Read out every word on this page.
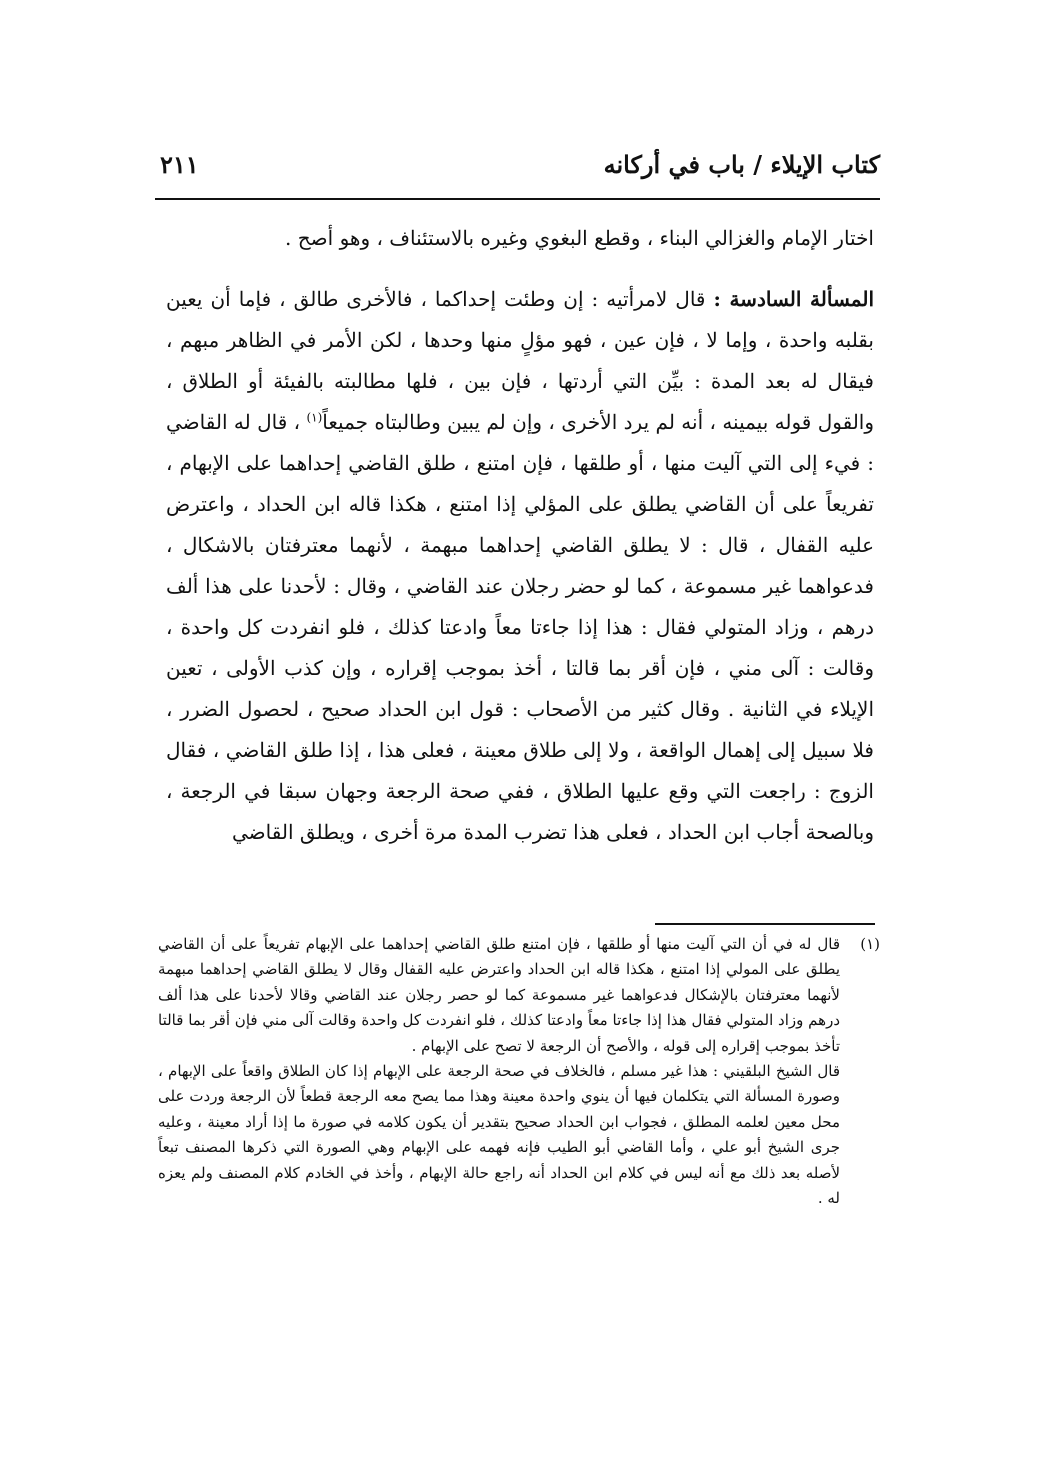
كتاب الإيلاء / باب في أركانه
٢١١

اختار الإمام والغزالي البناء ، وقطع البغوي وغيره بالاستئناف ، وهو أصح .

المسألة السادسة : قال لامرأتيه : إن وطئت إحداكما ، فالأخرى طالق ، فإما أن يعين بقلبه واحدة ، وإما لا ، فإن عين ، فهو مؤلٍ منها وحدها ، لكن الأمر في الظاهر مبهم ، فيقال له بعد المدة : بيِّن التي أردتها ، فإن بين ، فلها مطالبته بالفيئة أو الطلاق ، والقول قوله بيمينه ، أنه لم يرد الأخرى ، وإن لم يبين وطالبتاه جميعاً$^{(١)}$ ، قال له القاضي : فيء إلى التي آليت منها ، أو طلقها ، فإن امتنع ، طلق القاضي إحداهما على الإبهام ، تفريعاً على أن القاضي يطلق على المؤلي إذا امتنع ، هكذا قاله ابن الحداد ، واعترض عليه القفال ، قال : لا يطلق القاضي إحداهما مبهمة ، لأنهما معترفتان بالاشكال ، فدعواهما غير مسموعة ، كما لو حضر رجلان عند القاضي ، وقال : لأحدنا على هذا ألف درهم ، وزاد المتولي فقال : هذا إذا جاءتا معاً وادعتا كذلك ، فلو انفردت كل واحدة ، وقالت : آلى مني ، فإن أقر بما قالتا ، أخذ بموجب إقراره ، وإن كذب الأولى ، تعين الإيلاء في الثانية . وقال كثير من الأصحاب : قول ابن الحداد صحيح ، لحصول الضرر ، فلا سبيل إلى إهمال الواقعة ، ولا إلى طلاق معينة ، فعلى هذا ، إذا طلق القاضي ، فقال الزوج : راجعت التي وقع عليها الطلاق ، ففي صحة الرجعة وجهان سبقا في الرجعة ، وبالصحة أجاب ابن الحداد ، فعلى هذا تضرب المدة مرة أخرى ، ويطلق القاضي

(١)

قال له في أن التي آليت منها أو طلقها ، فإن امتنع طلق القاضي إحداهما على الإبهام تفريعاً على أن القاضي يطلق على المولي إذا امتنع ، هكذا قاله ابن الحداد واعترض عليه القفال وقال لا يطلق القاضي إحداهما مبهمة لأنهما معترفتان بالإشكال فدعواهما غير مسموعة كما لو حصر رجلان عند القاضي وقالا لأحدنا على هذا ألف درهم وزاد المتولي فقال هذا إذا جاءتا معاً وادعتا كذلك ، فلو انفردت كل واحدة وقالت آلى مني فإن أقر بما قالتا تأخذ بموجب إقراره إلى قوله ، والأصح أن الرجعة لا تصح على الإبهام .

قال الشيخ البلقيني : هذا غير مسلم ، فالخلاف في صحة الرجعة على الإبهام إذا كان الطلاق واقعاً على الإبهام ، وصورة المسألة التي يتكلمان فيها أن ينوي واحدة معينة وهذا مما يصح معه الرجعة قطعاً لأن الرجعة وردت على محل معين لعلمه المطلق ، فجواب ابن الحداد صحيح بتقدير أن يكون كلامه في صورة ما إذا أراد معينة ، وعليه جرى الشيخ أبو علي ، وأما القاضي أبو الطيب فإنه فهمه على الإبهام وهي الصورة التي ذكرها المصنف تبعاً لأصله بعد ذلك مع أنه ليس في كلام ابن الحداد أنه راجع حالة الإبهام ، وأخذ في الخادم كلام المصنف ولم يعزه له .
